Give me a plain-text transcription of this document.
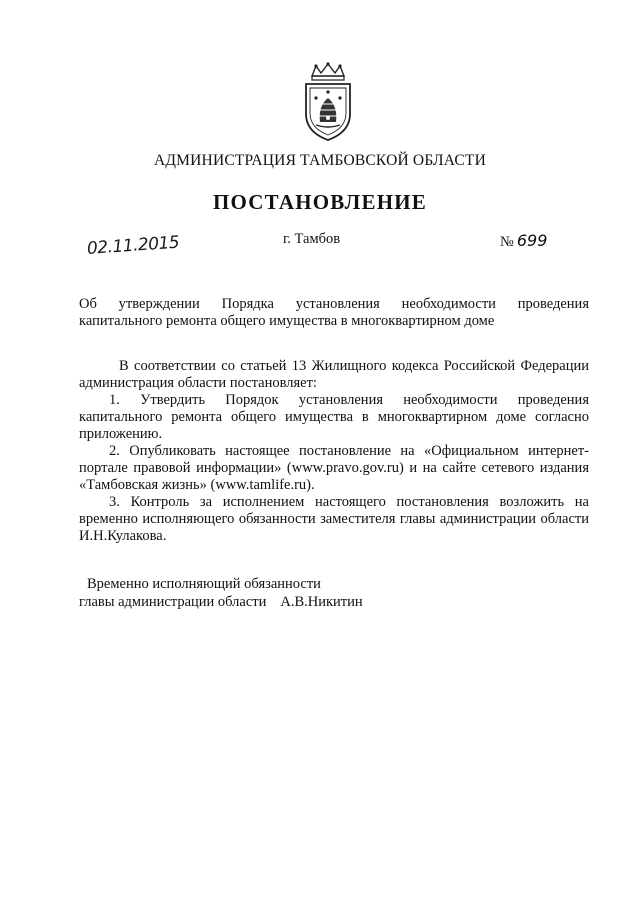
АДМИНИСТРАЦИЯ ТАМБОВСКОЙ ОБЛАСТИ
ПОСТАНОВЛЕНИЕ
02.11.2015	г. Тамбов	№ 699
Об утверждении Порядка установления необходимости проведения
капитального ремонта общего имущества в многоквартирном доме

В соответствии со статьей 13 Жилищного кодекса Российской Федерации администрация области постановляет:

1. Утвердить Порядок установления необходимости проведения капитального ремонта общего имущества в многоквартирном доме согласно приложению.

2. Опубликовать настоящее постановление на «Официальном интернет-портале правовой информации» (www.pravo.gov.ru) и на сайте сетевого издания «Тамбовская жизнь» (www.tamlife.ru).

3. Контроль за исполнением настоящего постановления возложить на временно исполняющего обязанности заместителя главы администрации области И.Н.Кулакова.

Временно исполняющий обязанности
главы администрации области А.В.Никитин
